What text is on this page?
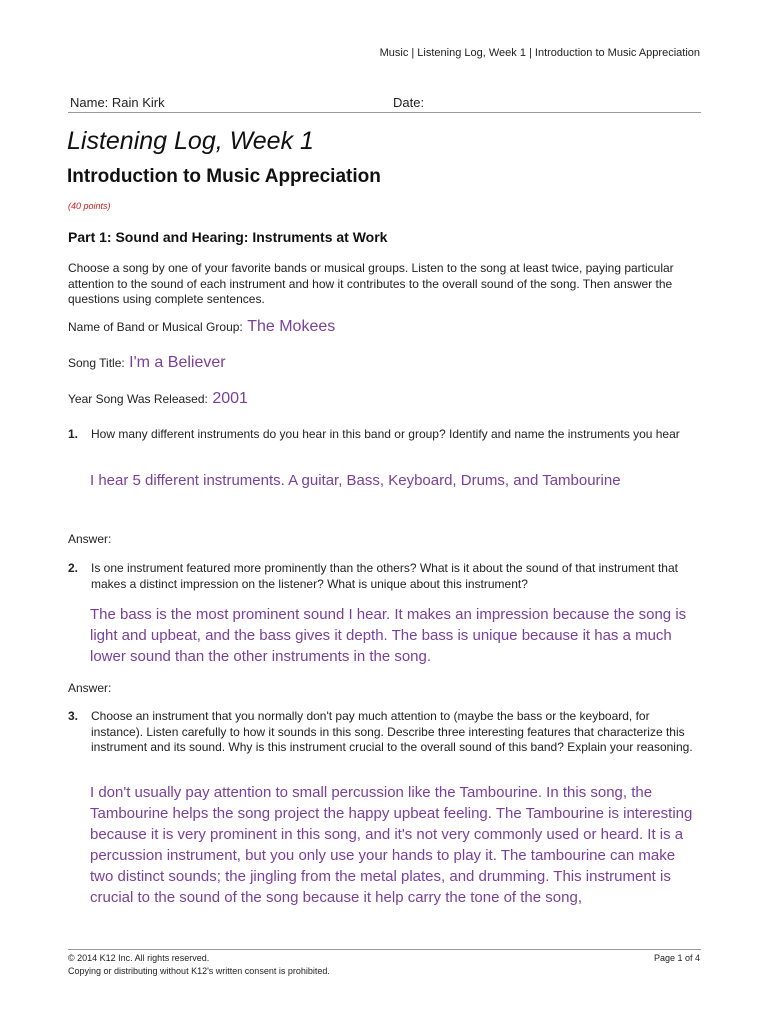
Music | Listening Log, Week 1 | Introduction to Music Appreciation
Name: Rain Kirk	Date:
Listening Log, Week 1
Introduction to Music Appreciation
(40 points)
Part 1: Sound and Hearing: Instruments at Work

Choose a song by one of your favorite bands or musical groups. Listen to the song at least twice, paying particular attention to the sound of each instrument and how it contributes to the overall sound of the song. Then answer the questions using complete sentences.

Name of Band or Musical Group: The Mokees
Song Title: I'm a Believer
Year Song Was Released: 2001
1. How many different instruments do you hear in this band or group? Identify and name the instruments you hear

I hear 5 different instruments. A guitar, Bass, Keyboard, Drums, and Tambourine

Answer:
2. Is one instrument featured more prominently than the others? What is it about the sound of that instrument that makes a distinct impression on the listener? What is unique about this instrument?

The bass is the most prominent sound I hear. It makes an impression because the song is light and upbeat, and the bass gives it depth. The bass is unique because it has a much lower sound than the other instruments in the song.

Answer:
3. Choose an instrument that you normally don't pay much attention to (maybe the bass or the keyboard, for instance). Listen carefully to how it sounds in this song. Describe three interesting features that characterize this instrument and its sound. Why is this instrument crucial to the overall sound of this band? Explain your reasoning.

I don't usually pay attention to small percussion like the Tambourine. In this song, the Tambourine helps the song project the happy upbeat feeling. The Tambourine is interesting because it is very prominent in this song, and it's not very commonly used or heard. It is a percussion instrument, but you only use your hands to play it. The tambourine can make two distinct sounds; the jingling from the metal plates, and drumming. This instrument is crucial to the sound of the song because it help carry the tone of the song,

© 2014 K12 Inc. All rights reserved.
Copying or distributing without K12's written consent is prohibited.
Page 1 of 4
